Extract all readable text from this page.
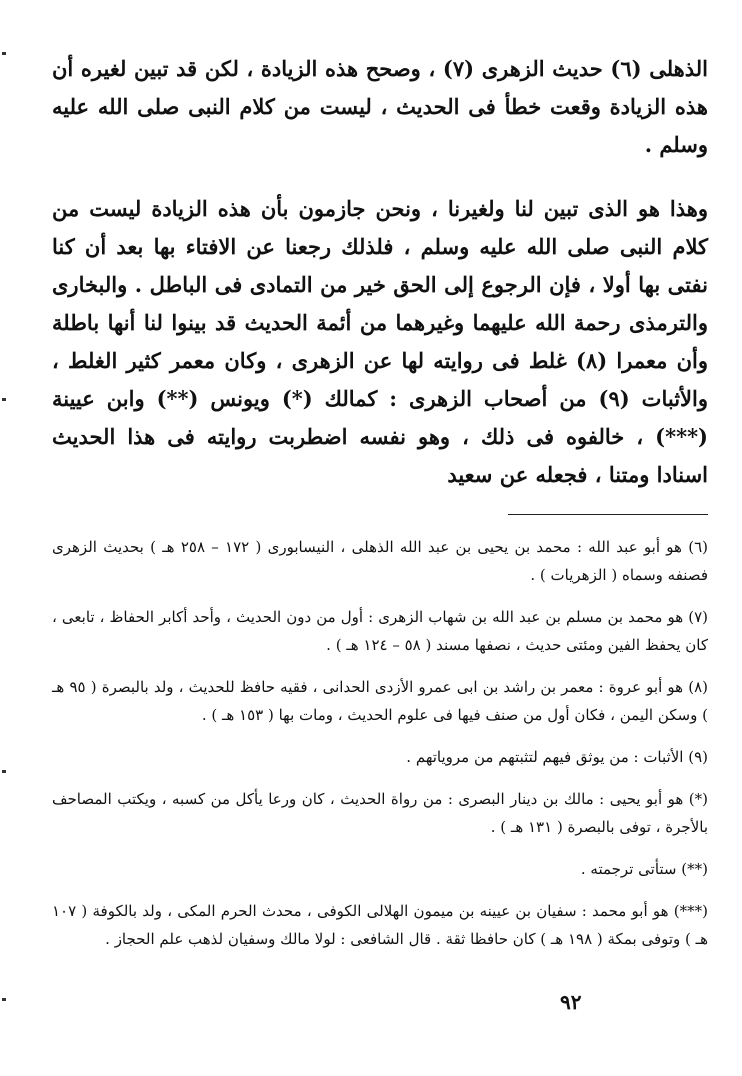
الذهلى (٦) حديث الزهرى (٧) ، وصحح هذه الزيادة ، لكن قد تبين لغيره أن هذه الزيادة وقعت خطأ فى الحديث ، ليست من كلام النبى صلى الله عليه وسلم .

وهذا هو الذى تبين لنا ولغيرنا ، ونحن جازمون بأن هذه الزيادة ليست من كلام النبى صلى الله عليه وسلم ، فلذلك رجعنا عن الافتاء بها بعد أن كنا نفتى بها أولا ، فإن الرجوع إلى الحق خير من التمادى فى الباطل . والبخارى والترمذى رحمة الله عليهما وغيرهما من أئمة الحديث قد بينوا لنا أنها باطلة وأن معمرا (٨) غلط فى روايته لها عن الزهرى ، وكان معمر كثير الغلط ، والأثبات (٩) من أصحاب الزهرى : كمالك (*) ويونس (**) وابن عيينة (***) ، خالفوه فى ذلك ، وهو نفسه اضطربت روايته فى هذا الحديث اسنادا ومتنا ، فجعله عن سعيد

(٦) هو أبو عبد الله : محمد بن يحيى بن عبد الله الذهلى ، النيسابورى ( ١٧٢ – ٢٥٨ هـ ) بحديث الزهرى فصنفه وسماه ( الزهريات ) .

(٧) هو محمد بن مسلم بن عبد الله بن شهاب الزهرى : أول من دون الحديث ، وأحد أكابر الحفاظ ، تابعى ، كان يحفظ الفين ومئتى حديث ، نصفها مسند ( ٥٨ – ١٢٤ هـ ) .

(٨) هو أبو عروة : معمر بن راشد بن ابى عمرو الأزدى الحدانى ، فقيه حافظ للحديث ، ولد بالبصرة ( ٩٥ هـ ) وسكن اليمن ، فكان أول من صنف فيها فى علوم الحديث ، ومات بها ( ١٥٣ هـ ) .

(٩) الأثبات : من يوثق فيهم لتثبتهم من مروياتهم .

(*) هو أبو يحيى : مالك بن دينار البصرى : من رواة الحديث ، كان ورعا يأكل من كسبه ، ويكتب المصاحف بالأجرة ، توفى بالبصرة ( ١٣١ هـ ) .

(**) ستأتى ترجمته .

(***) هو أبو محمد : سفيان بن عيينه بن ميمون الهلالى الكوفى ، محدث الحرم المكى ، ولد بالكوفة ( ١٠٧ هـ ) وتوفى بمكة ( ١٩٨ هـ ) كان حافظا ثقة . قال الشافعى : لولا مالك وسفيان لذهب علم الحجاز .

٩٢
